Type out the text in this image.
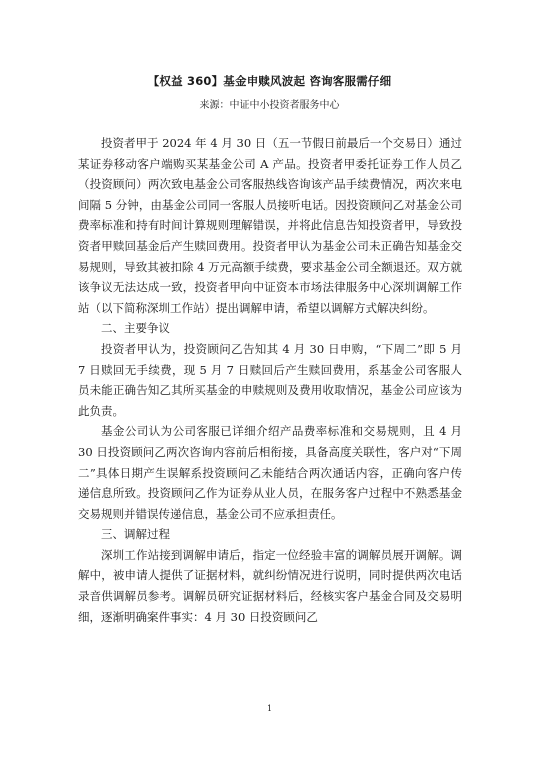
【权益 360】基金申赎风波起 咨询客服需仔细
来源：中证中小投资者服务中心

投资者甲于 2024 年 4 月 30 日（五一节假日前最后一个交易日）通过某证券移动客户端购买某基金公司 A 产品。投资者甲委托证券工作人员乙（投资顾问）两次致电基金公司客服热线咨询该产品手续费情况，两次来电间隔 5 分钟，由基金公司同一客服人员接听电话。因投资顾问乙对基金公司费率标准和持有时间计算规则理解错误，并将此信息告知投资者甲，导致投资者甲赎回基金后产生赎回费用。投资者甲认为基金公司未正确告知基金交易规则，导致其被扣除 4 万元高额手续费，要求基金公司全额退还。双方就该争议无法达成一致，投资者甲向中证资本市场法律服务中心深圳调解工作站（以下简称深圳工作站）提出调解申请，希望以调解方式解决纠纷。

二、主要争议

投资者甲认为，投资顾问乙告知其 4 月 30 日申购，“下周二”即 5 月 7 日赎回无手续费，现 5 月 7 日赎回后产生赎回费用，系基金公司客服人员未能正确告知乙其所买基金的申赎规则及费用收取情况，基金公司应该为此负责。

基金公司认为公司客服已详细介绍产品费率标准和交易规则，且 4 月 30 日投资顾问乙两次咨询内容前后相衔接，具备高度关联性，客户对“下周二”具体日期产生误解系投资顾问乙未能结合两次通话内容，正确向客户传递信息所致。投资顾问乙作为证券从业人员，在服务客户过程中不熟悉基金交易规则并错误传递信息，基金公司不应承担责任。

三、调解过程

深圳工作站接到调解申请后，指定一位经验丰富的调解员展开调解。调解中，被申请人提供了证据材料，就纠纷情况进行说明，同时提供两次电话录音供调解员参考。调解员研究证据材料后，经核实客户基金合同及交易明细，逐渐明确案件事实：4 月 30 日投资顾问乙

1
